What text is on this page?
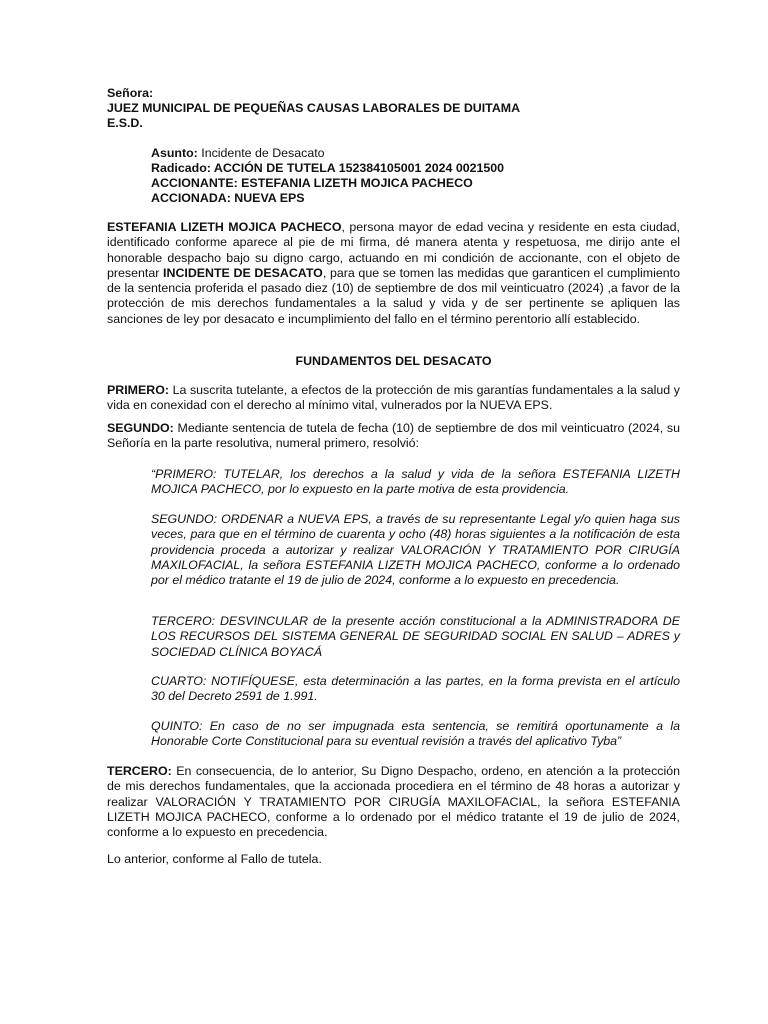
Señora:

JUEZ MUNICIPAL DE PEQUEÑAS CAUSAS LABORALES DE DUITAMA

E.S.D.

Asunto: Incidente de Desacato

Radicado: ACCIÓN DE TUTELA 152384105001 2024 0021500

ACCIONANTE: ESTEFANIA LIZETH MOJICA PACHECO

ACCIONADA: NUEVA EPS

ESTEFANIA LIZETH MOJICA PACHECO, persona mayor de edad vecina y residente en esta ciudad, identificado conforme aparece al pie de mi firma, dé manera atenta y respetuosa, me dirijo ante el honorable despacho bajo su digno cargo, actuando en mi condición de accionante, con el objeto de presentar INCIDENTE DE DESACATO, para que se tomen las medidas que garanticen el cumplimiento de la sentencia proferida el pasado diez (10) de septiembre de dos mil veinticuatro (2024) ,a favor de la protección de mis derechos fundamentales a la salud y vida y de ser pertinente se apliquen las sanciones de ley por desacato e incumplimiento del fallo en el término perentorio allí establecido.

FUNDAMENTOS DEL DESACATO

PRIMERO: La suscrita tutelante, a efectos de la protección de mis garantías fundamentales a la salud y vida en conexidad con el derecho al mínimo vital, vulnerados por la NUEVA EPS.

SEGUNDO: Mediante sentencia de tutela de fecha (10) de septiembre de dos mil veinticuatro (2024, su Señoría en la parte resolutiva, numeral primero, resolvió:

“PRIMERO: TUTELAR, los derechos a la salud y vida de la señora ESTEFANIA LIZETH MOJICA PACHECO, por lo expuesto en la parte motiva de esta providencia.

SEGUNDO: ORDENAR a NUEVA EPS, a través de su representante Legal y/o quien haga sus veces, para que en el término de cuarenta y ocho (48) horas siguientes a la notificación de esta providencia proceda a autorizar y realizar VALORACIÓN Y TRATAMIENTO POR CIRUGÍA MAXILOFACIAL, la señora ESTEFANIA LIZETH MOJICA PACHECO, conforme a lo ordenado por el médico tratante el 19 de julio de 2024, conforme a lo expuesto en precedencia.

TERCERO: DESVINCULAR de la presente acción constitucional a la ADMINISTRADORA DE LOS RECURSOS DEL SISTEMA GENERAL DE SEGURIDAD SOCIAL EN SALUD – ADRES y SOCIEDAD CLÍNICA BOYACÁ

CUARTO: NOTIFÍQUESE, esta determinación a las partes, en la forma prevista en el artículo 30 del Decreto 2591 de 1.991.

QUINTO: En caso de no ser impugnada esta sentencia, se remitirá oportunamente a la Honorable Corte Constitucional para su eventual revisión a través del aplicativo Tyba”

TERCERO: En consecuencia, de lo anterior, Su Digno Despacho, ordeno, en atención a la protección de mis derechos fundamentales, que la accionada procediera en el término de 48 horas a autorizar y realizar VALORACIÓN Y TRATAMIENTO POR CIRUGÍA MAXILOFACIAL, la señora ESTEFANIA LIZETH MOJICA PACHECO, conforme a lo ordenado por el médico tratante el 19 de julio de 2024, conforme a lo expuesto en precedencia.

Lo anterior, conforme al Fallo de tutela.
